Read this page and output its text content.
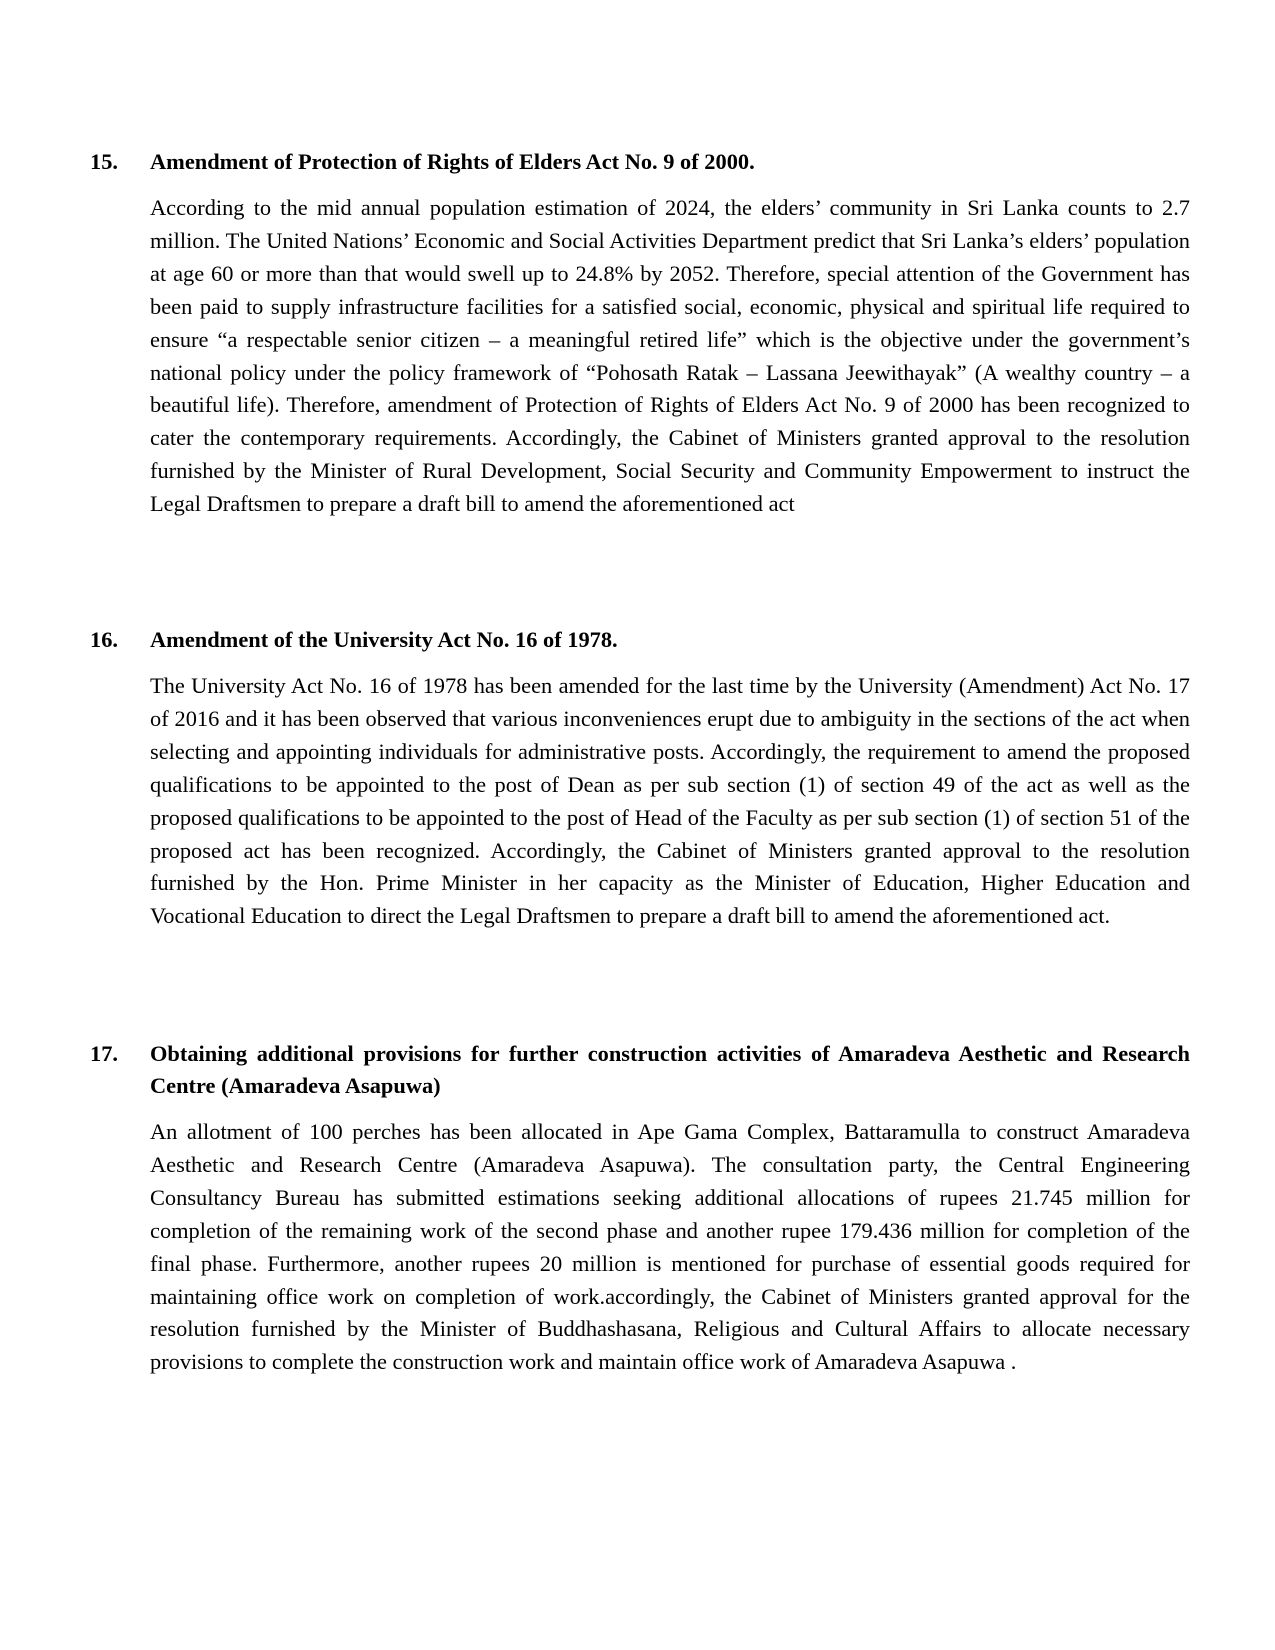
15.	Amendment of Protection of Rights of Elders Act No. 9 of 2000.
According to the mid annual population estimation of 2024, the elders’ community in Sri Lanka counts to 2.7 million. The United Nations’ Economic and Social Activities Department predict that Sri Lanka’s elders’ population at age 60 or more than that would swell up to 24.8% by 2052. Therefore, special attention of the Government has been paid to supply infrastructure facilities for a satisfied social, economic, physical and spiritual life required to ensure “a respectable senior citizen – a meaningful retired life” which is the objective under the government’s national policy under the policy framework of “Pohosath Ratak – Lassana Jeewithayak” (A wealthy country – a beautiful life). Therefore, amendment of Protection of Rights of Elders Act No. 9 of 2000 has been recognized to cater the contemporary requirements. Accordingly, the Cabinet of Ministers granted approval to the resolution furnished by the Minister of Rural Development, Social Security and Community Empowerment to instruct the Legal Draftsmen to prepare a draft bill to amend the aforementioned act
16.	Amendment of the University Act No. 16 of 1978.
The University Act No. 16 of 1978 has been amended for the last time by the University (Amendment) Act No. 17 of 2016 and it has been observed that various inconveniences erupt due to ambiguity in the sections of the act when selecting and appointing individuals for administrative posts. Accordingly, the requirement to amend the proposed qualifications to be appointed to the post of Dean as per sub section (1) of section 49 of the act as well as the proposed qualifications to be appointed to the post of Head of the Faculty as per sub section (1) of section 51 of the proposed act has been recognized. Accordingly, the Cabinet of Ministers granted approval to the resolution furnished by the Hon. Prime Minister in her capacity as the Minister of Education, Higher Education and Vocational Education to direct the Legal Draftsmen to prepare a draft bill to amend the aforementioned act.
17.	Obtaining additional provisions for further construction activities of Amaradeva Aesthetic and Research Centre (Amaradeva Asapuwa)
An allotment of 100 perches has been allocated in Ape Gama Complex, Battaramulla to construct Amaradeva Aesthetic and Research Centre (Amaradeva Asapuwa). The consultation party, the Central Engineering Consultancy Bureau has submitted estimations seeking additional allocations of rupees 21.745 million for completion of the remaining work of the second phase and another rupee 179.436 million for completion of the final phase. Furthermore, another rupees 20 million is mentioned for purchase of essential goods required for maintaining office work on completion of work.accordingly, the Cabinet of Ministers granted approval for the resolution furnished by the Minister of Buddhashasana, Religious and Cultural Affairs to allocate necessary provisions to complete the construction work and maintain office work of Amaradeva Asapuwa .
